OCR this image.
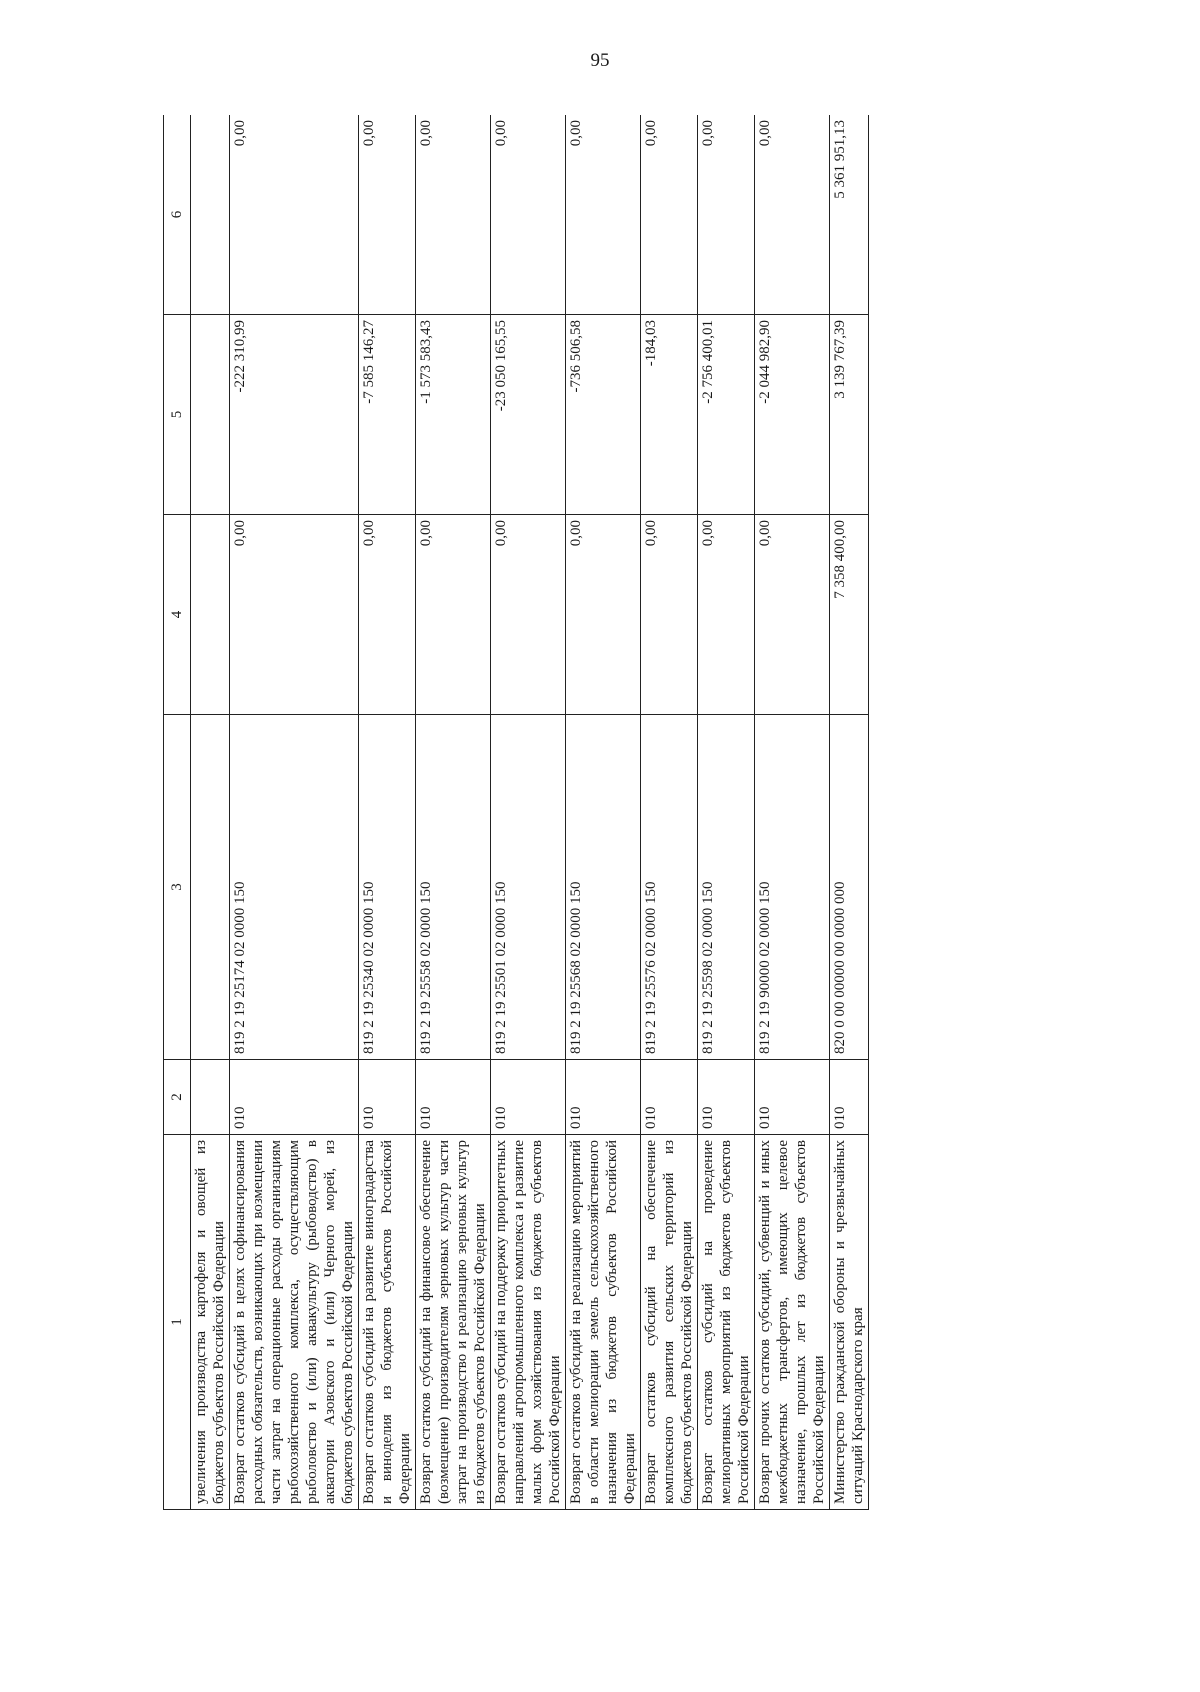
95
1	2	3	4	5	6
увеличения производства картофеля и овощей из бюджетов субъектов Российской Федерации					
Возврат остатков субсидий в целях софинансирования расходных обязательств, возникающих при возмещении части затрат на операционные расходы организациям рыбохозяйственного комплекса, осуществляющим рыболовство и (или) аквакультуру (рыбоводство) в акватории Азовского и (или) Черного морей, из бюджетов субъектов Российской Федерации	010	819 2 19 25174 02 0000 150	0,00	-222 310,99	0,00
Возврат остатков субсидий на развитие виноградарства и виноделия из бюджетов субъектов Российской Федерации	010	819 2 19 25340 02 0000 150	0,00	-7 585 146,27	0,00
Возврат остатков субсидий на финансовое обеспечение (возмещение) производителям зерновых культур части затрат на производство и реализацию зерновых культур из бюджетов субъектов Российской Федерации	010	819 2 19 25558 02 0000 150	0,00	-1 573 583,43	0,00
Возврат остатков субсидий на поддержку приоритетных направлений агропромышленного комплекса и развитие малых форм хозяйствования из бюджетов субъектов Российской Федерации	010	819 2 19 25501 02 0000 150	0,00	-23 050 165,55	0,00
Возврат остатков субсидий на реализацию мероприятий в области мелиорации земель сельскохозяйственного назначения из бюджетов субъектов Российской Федерации	010	819 2 19 25568 02 0000 150	0,00	-736 506,58	0,00
Возврат остатков субсидий на обеспечение комплексного развития сельских территорий из бюджетов субъектов Российской Федерации	010	819 2 19 25576 02 0000 150	0,00	-184,03	0,00
Возврат остатков субсидий на проведение мелиоративных мероприятий из бюджетов субъектов Российской Федерации	010	819 2 19 25598 02 0000 150	0,00	-2 756 400,01	0,00
Возврат прочих остатков субсидий, субвенций и иных межбюджетных трансфертов, имеющих целевое назначение, прошлых лет из бюджетов субъектов Российской Федерации	010	819 2 19 90000 02 0000 150	0,00	-2 044 982,90	0,00
Министерство гражданской обороны и чрезвычайных ситуаций Краснодарского края	010	820 0 00 00000 00 0000 000	7 358 400,00	3 139 767,39	5 361 951,13
